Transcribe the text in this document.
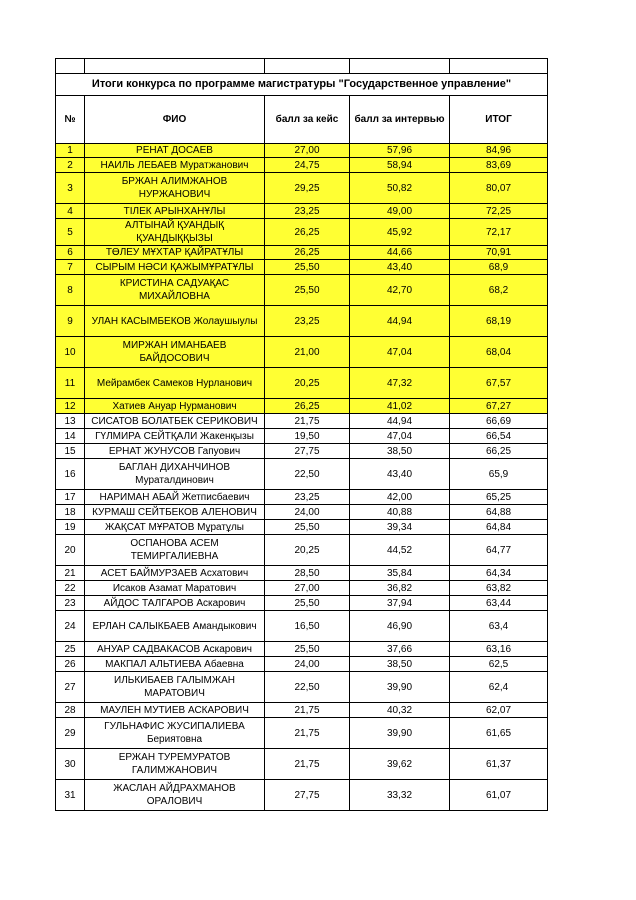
Итоги конкурса по программе магистратуры "Государственное управление"				
№	ФИО	балл за кейс	балл за интервью	ИТОГ
1	РЕНАТ ДОСАЕВ	27,00	57,96	84,96
2	НАИЛЬ ЛЕБАЕВ Муратжанович	24,75	58,94	83,69
3	БРЖАН АЛИМЖАНОВ НУРЖАНОВИЧ	29,25	50,82	80,07
4	ТІЛЕК АРЫНХАНҰЛЫ	23,25	49,00	72,25
5	АЛТЫНАЙ ҚУАНДЫҚ ҚУАНДЫҚҚЫЗЫ	26,25	45,92	72,17
6	ТӨЛЕУ МҰХТАР ҚАЙРАТҰЛЫ	26,25	44,66	70,91
7	СЫРЫМ НӘСИ ҚАЖЫМҰРАТҰЛЫ	25,50	43,40	68,9
8	КРИСТИНА САДУАҚАС МИХАЙЛОВНА	25,50	42,70	68,2
9	УЛАН КАСЫМБЕКОВ Жолаушыулы	23,25	44,94	68,19
10	МИРЖАН ИМАНБАЕВ БАЙДОСОВИЧ	21,00	47,04	68,04
11	Мейрамбек Самеков Нурланович	20,25	47,32	67,57
12	Хатиев Ануар Нурманович	26,25	41,02	67,27
13	СИСАТОВ БОЛАТБЕК СЕРИКОВИЧ	21,75	44,94	66,69
14	ГҮЛМИРА СЕЙТҚАЛИ Жакенқызы	19,50	47,04	66,54
15	ЕРНАТ ЖУНУСОВ Гапуович	27,75	38,50	66,25
16	БАГЛАН ДИХАНЧИНОВ Мураталдинович	22,50	43,40	65,9
17	НАРИМАН АБАЙ Жетписбаевич	23,25	42,00	65,25
18	КУРМАШ СЕЙТБЕКОВ АЛЕНОВИЧ	24,00	40,88	64,88
19	ЖАҚСАТ МҰРАТОВ Мұратұлы	25,50	39,34	64,84
20	ОСПАНОВА АСЕМ ТЕМИРГАЛИЕВНА	20,25	44,52	64,77
21	АСЕТ БАЙМУРЗАЕВ Асхатович	28,50	35,84	64,34
22	Исаков Азамат Маратович	27,00	36,82	63,82
23	АЙДОС ТАЛГАРОВ Аскарович	25,50	37,94	63,44
24	ЕРЛАН САЛЫКБАЕВ Амандыкович	16,50	46,90	63,4
25	АНУАР САДВАКАСОВ Аскарович	25,50	37,66	63,16
26	МАКПАЛ АЛЬТИЕВА Абаевна	24,00	38,50	62,5
27	ИЛЬКИБАЕВ ГАЛЫМЖАН МАРАТОВИЧ	22,50	39,90	62,4
28	МАУЛЕН МУТИЕВ АСКАРОВИЧ	21,75	40,32	62,07
29	ГУЛЬНАФИС ЖУСИПАЛИЕВА Бериятовна	21,75	39,90	61,65
30	ЕРЖАН ТУРЕМУРАТОВ ГАЛИМЖАНОВИЧ	21,75	39,62	61,37
31	ЖАСЛАН АЙДРАХМАНОВ ОРАЛОВИЧ	27,75	33,32	61,07
